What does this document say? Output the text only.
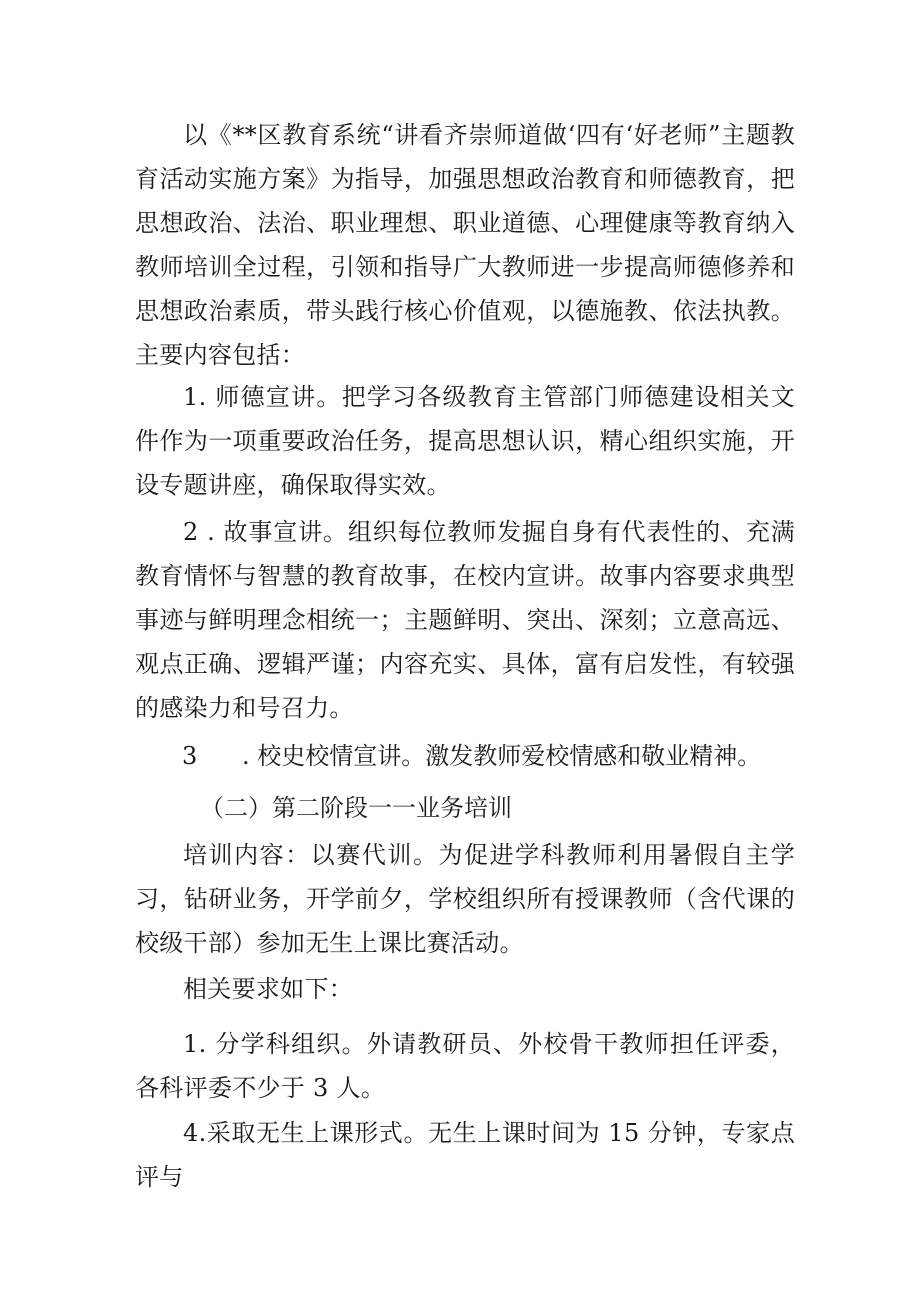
以《**区教育系统“讲看齐崇师道做‘四有‘好老师”主题教育活动实施方案》为指导，加强思想政治教育和师德教育，把思想政治、法治、职业理想、职业道德、心理健康等教育纳入教师培训全过程，引领和指导广大教师进一步提高师德修养和思想政治素质，带头践行核心价值观，以德施教、依法执教。主要内容包括：

1. 师德宣讲。把学习各级教育主管部门师德建设相关文件作为一项重要政治任务，提高思想认识，精心组织实施，开设专题讲座，确保取得实效。

2 . 故事宣讲。组织每位教师发掘自身有代表性的、充满教育情怀与智慧的教育故事，在校内宣讲。故事内容要求典型事迹与鲜明理念相统一；主题鲜明、突出、深刻；立意高远、观点正确、逻辑严谨；内容充实、具体，富有启发性，有较强的感染力和号召力。

3 . 校史校情宣讲。激发教师爱校情感和敬业精神。

（二）第二阶段一一业务培训

培训内容：以赛代训。为促进学科教师利用暑假自主学习，钻研业务，开学前夕，学校组织所有授课教师（含代课的校级干部）参加无生上课比赛活动。

相关要求如下：

1. 分学科组织。外请教研员、外校骨干教师担任评委，各科评委不少于 3 人。

4.采取无生上课形式。无生上课时间为 15 分钟，专家点评与
